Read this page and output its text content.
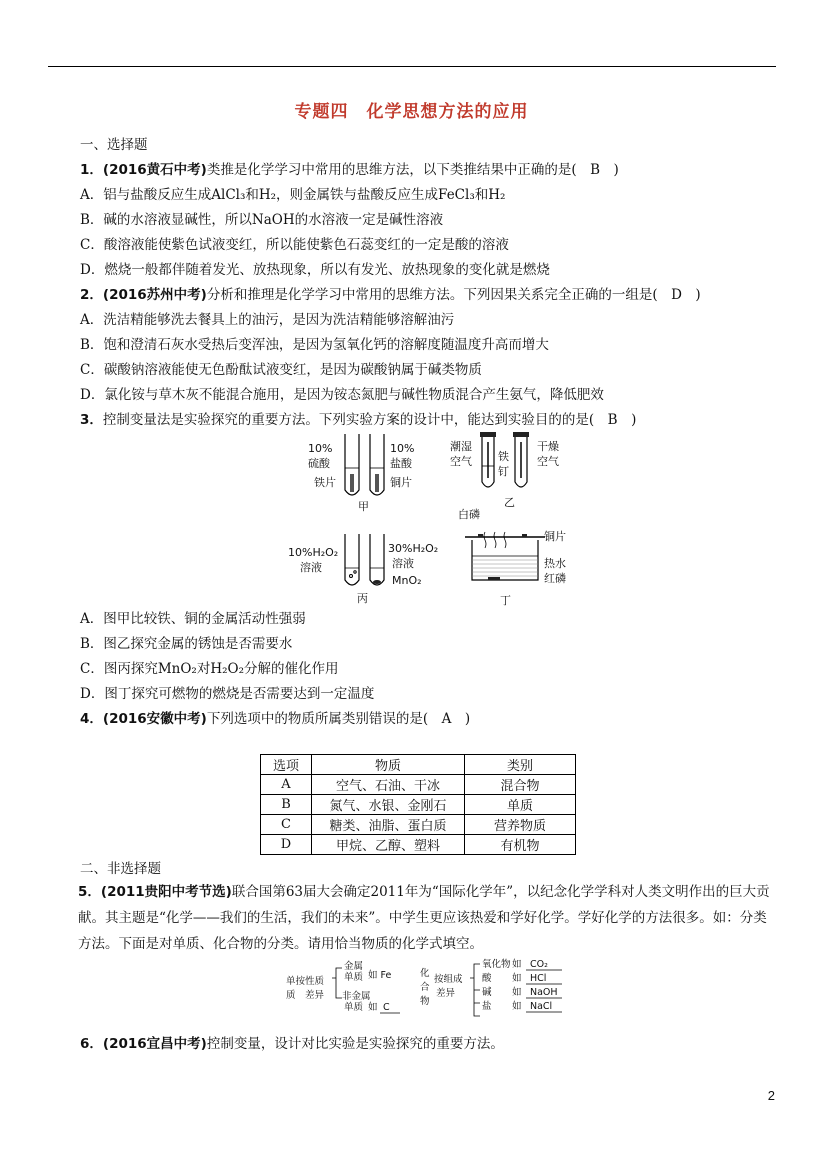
专题四　化学思想方法的应用
一、选择题
1．(2016黄石中考)类推是化学学习中常用的思维方法，以下类推结果中正确的是(　B　)
A．铝与盐酸反应生成AlCl₃和H₂，则金属铁与盐酸反应生成FeCl₃和H₂
B．碱的水溶液显碱性，所以NaOH的水溶液一定是碱性溶液
C．酸溶液能使紫色试液变红，所以能使紫色石蕊变红的一定是酸的溶液
D．燃烧一般都伴随着发光、放热现象，所以有发光、放热现象的变化就是燃烧
2．(2016苏州中考)分析和推理是化学学习中常用的思维方法。下列因果关系完全正确的一组是(　D　)
A．洗洁精能够洗去餐具上的油污，是因为洗洁精能够溶解油污
B．饱和澄清石灰水受热后变浑浊，是因为氢氧化钙的溶解度随温度升高而增大
C．碳酸钠溶液能使无色酚酞试液变红，是因为碳酸钠属于碱类物质
D．氯化铵与草木灰不能混合施用，是因为铵态氮肥与碱性物质混合产生氨气，降低肥效
3．控制变量法是实验探究的重要方法。下列实验方案的设计中，能达到实验目的的是(　B　)
10%
硫酸
铁片
10%
盐酸
铜片
甲
潮湿
空气 铁
钉
干燥
空气
乙
10%H₂O₂
溶液
30%H₂O₂
溶液
MnO₂
丙
白磷
铜片
热水
红磷
丁
A．图甲比较铁、铜的金属活动性强弱
B．图乙探究金属的锈蚀是否需要水
C．图丙探究MnO₂对H₂O₂分解的催化作用
D．图丁探究可燃物的燃烧是否需要达到一定温度
4．(2016安徽中考)下列选项中的物质所属类别错误的是(　A　)
选项	物质	类别
A	空气、石油、干冰	混合物
B	氮气、水银、金刚石	单质
C	糖类、油脂、蛋白质	营养物质
D	甲烷、乙醇、塑料	有机物
二、非选择题
5．(2011贵阳中考节选)联合国第63届大会确定2011年为“国际化学年”，以纪念化学学科对人类文明作出的巨大贡献。其主题是“化学——我们的生活，我们的未来”。中学生更应该热爱和学好化学。学好化学的方法很多。如：分类方法。下面是对单质、化合物的分类。请用恰当物质的化学式填空。
单按性质
质　差异
金属
单质
非金属
单质
如 Fe
如 C
化
合
物
按组成
差异
氧化物
酸
碱
盐
如
如
如
如
CO₂
HCl
NaOH
NaCl
6．(2016宜昌中考)控制变量，设计对比实验是实验探究的重要方法。
2
